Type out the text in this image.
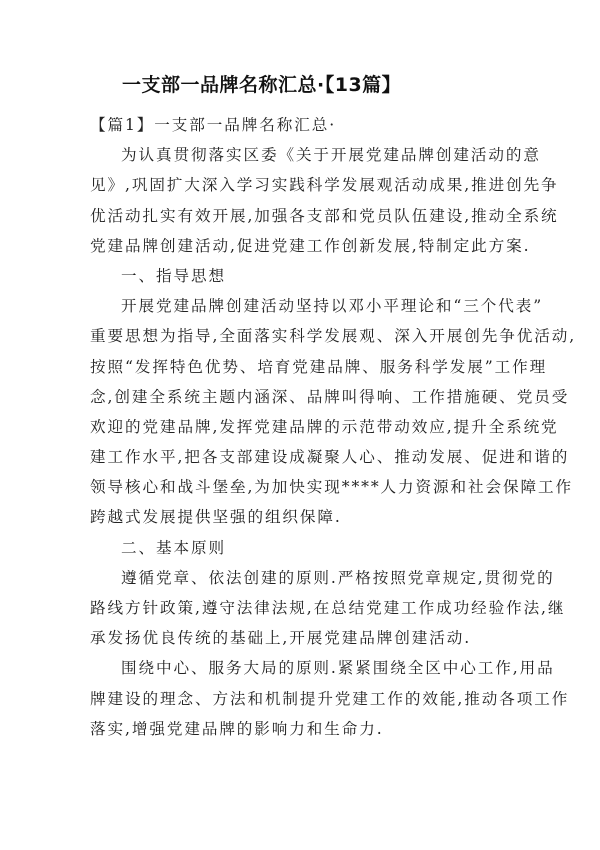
一支部一品牌名称汇总·【13篇】
【篇1】一支部一品牌名称汇总·
为认真贯彻落实区委《关于开展党建品牌创建活动的意
见》,巩固扩大深入学习实践科学发展观活动成果,推进创先争
优活动扎实有效开展,加强各支部和党员队伍建设,推动全系统
党建品牌创建活动,促进党建工作创新发展,特制定此方案.
一、指导思想
开展党建品牌创建活动坚持以邓小平理论和“三个代表”
重要思想为指导,全面落实科学发展观、深入开展创先争优活动,
按照“发挥特色优势、培育党建品牌、服务科学发展”工作理
念,创建全系统主题内涵深、品牌叫得响、工作措施硬、党员受
欢迎的党建品牌,发挥党建品牌的示范带动效应,提升全系统党
建工作水平,把各支部建设成凝聚人心、推动发展、促进和谐的
领导核心和战斗堡垒,为加快实现****人力资源和社会保障工作
跨越式发展提供坚强的组织保障.
二、基本原则
遵循党章、依法创建的原则.严格按照党章规定,贯彻党的
路线方针政策,遵守法律法规,在总结党建工作成功经验作法,继
承发扬优良传统的基础上,开展党建品牌创建活动.
围绕中心、服务大局的原则.紧紧围绕全区中心工作,用品
牌建设的理念、方法和机制提升党建工作的效能,推动各项工作
落实,增强党建品牌的影响力和生命力.
